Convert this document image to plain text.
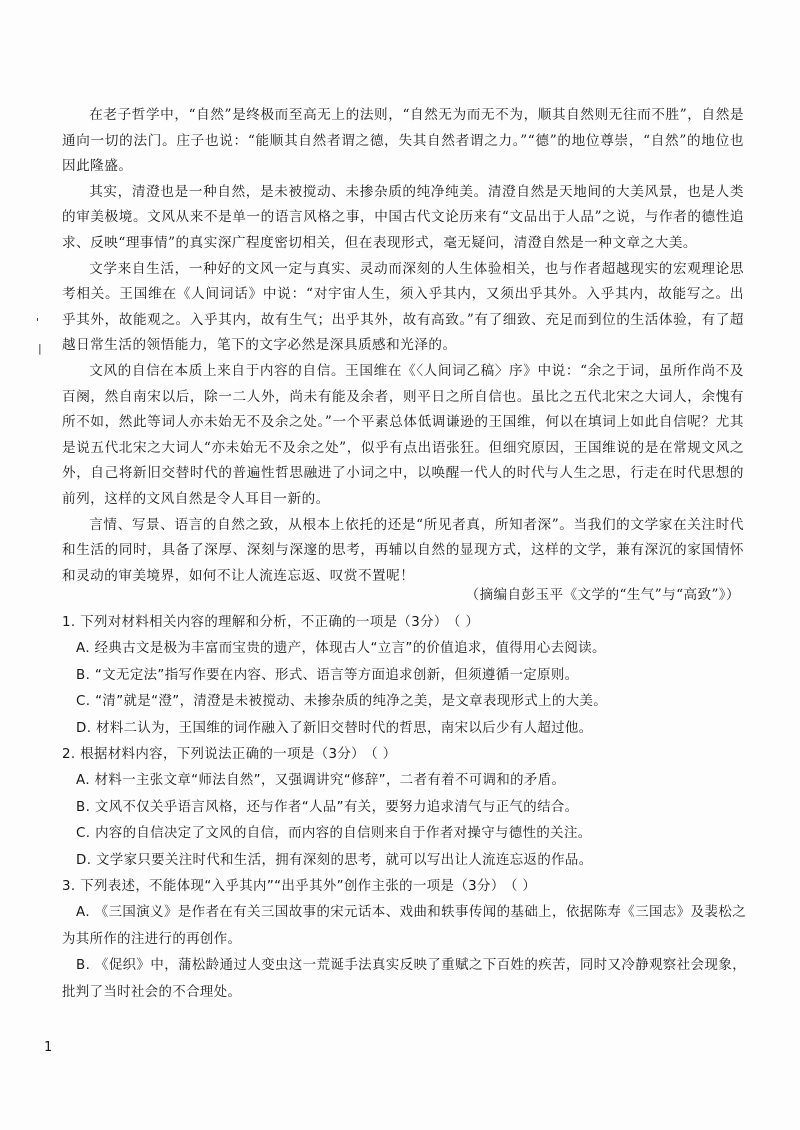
'
|

在老子哲学中，“自然”是终极而至高无上的法则，“自然无为而无不为，顺其自然则无往而不胜”，自然是通向一切的法门。庄子也说：“能顺其自然者谓之德，失其自然者谓之力。”“德”的地位尊崇，“自然”的地位也因此隆盛。

其实，清澄也是一种自然，是未被搅动、未掺杂质的纯净纯美。清澄自然是天地间的大美风景，也是人类的审美极境。文风从来不是单一的语言风格之事，中国古代文论历来有“文品出于人品”之说，与作者的德性追求、反映“理事情”的真实深广程度密切相关，但在表现形式，毫无疑问，清澄自然是一种文章之大美。

文学来自生活，一种好的文风一定与真实、灵动而深刻的人生体验相关，也与作者超越现实的宏观理论思考相关。王国维在《人间词话》中说：“对宇宙人生，须入乎其内，又须出乎其外。入乎其内，故能写之。出乎其外，故能观之。入乎其内，故有生气；出乎其外，故有高致。”有了细致、充足而到位的生活体验，有了超越日常生活的领悟能力，笔下的文字必然是深具质感和光泽的。

文风的自信在本质上来自于内容的自信。王国维在《〈人间词乙稿〉序》中说：“余之于词，虽所作尚不及百阕，然自南宋以后，除一二人外，尚未有能及余者，则平日之所自信也。虽比之五代北宋之大词人，余愧有所不如，然此等词人亦未始无不及余之处。”一个平素总体低调谦逊的王国维，何以在填词上如此自信呢？尤其是说五代北宋之大词人“亦未始无不及余之处”，似乎有点出语张狂。但细究原因，王国维说的是在常规文风之外，自己将新旧交替时代的普遍性哲思融进了小词之中，以唤醒一代人的时代与人生之思，行走在时代思想的前列，这样的文风自然是令人耳目一新的。

言情、写景、语言的自然之致，从根本上依托的还是“所见者真，所知者深”。当我们的文学家在关注时代和生活的同时，具备了深厚、深刻与深邃的思考，再辅以自然的显现方式，这样的文学，兼有深沉的家国情怀和灵动的审美境界，如何不让人流连忘返、叹赏不置呢！

（摘编自彭玉平《文学的“生气”与“高致”》）

1. 下列对材料相关内容的理解和分析，不正确的一项是（3分） （ ）

A. 经典古文是极为丰富而宝贵的遗产，体现古人“立言”的价值追求，值得用心去阅读。

B. “文无定法”指写作要在内容、形式、语言等方面追求创新，但须遵循一定原则。

C. “清”就是“澄”，清澄是未被搅动、未掺杂质的纯净之美，是文章表现形式上的大美。

D. 材料二认为，王国维的词作融入了新旧交替时代的哲思，南宋以后少有人超过他。

2. 根据材料内容，下列说法正确的一项是（3分） （ ）

A. 材料一主张文章“师法自然”，又强调讲究“修辞”，二者有着不可调和的矛盾。

B. 文风不仅关乎语言风格，还与作者“人品”有关，要努力追求清气与正气的结合。

C. 内容的自信决定了文风的自信，而内容的自信则来自于作者对操守与德性的关注。

D. 文学家只要关注时代和生活，拥有深刻的思考，就可以写出让人流连忘返的作品。

3. 下列表述，不能体现“入乎其内”“出乎其外”创作主张的一项是（3分） （ ）

A. 《三国演义》是作者在有关三国故事的宋元话本、戏曲和轶事传闻的基础上，依据陈寿《三国志》及裴松之为其所作的注进行的再创作。

B. 《促织》中，蒲松龄通过人变虫这一荒诞手法真实反映了重赋之下百姓的疾苦，同时又冷静观察社会现象，批判了当时社会的不合理处。

1
